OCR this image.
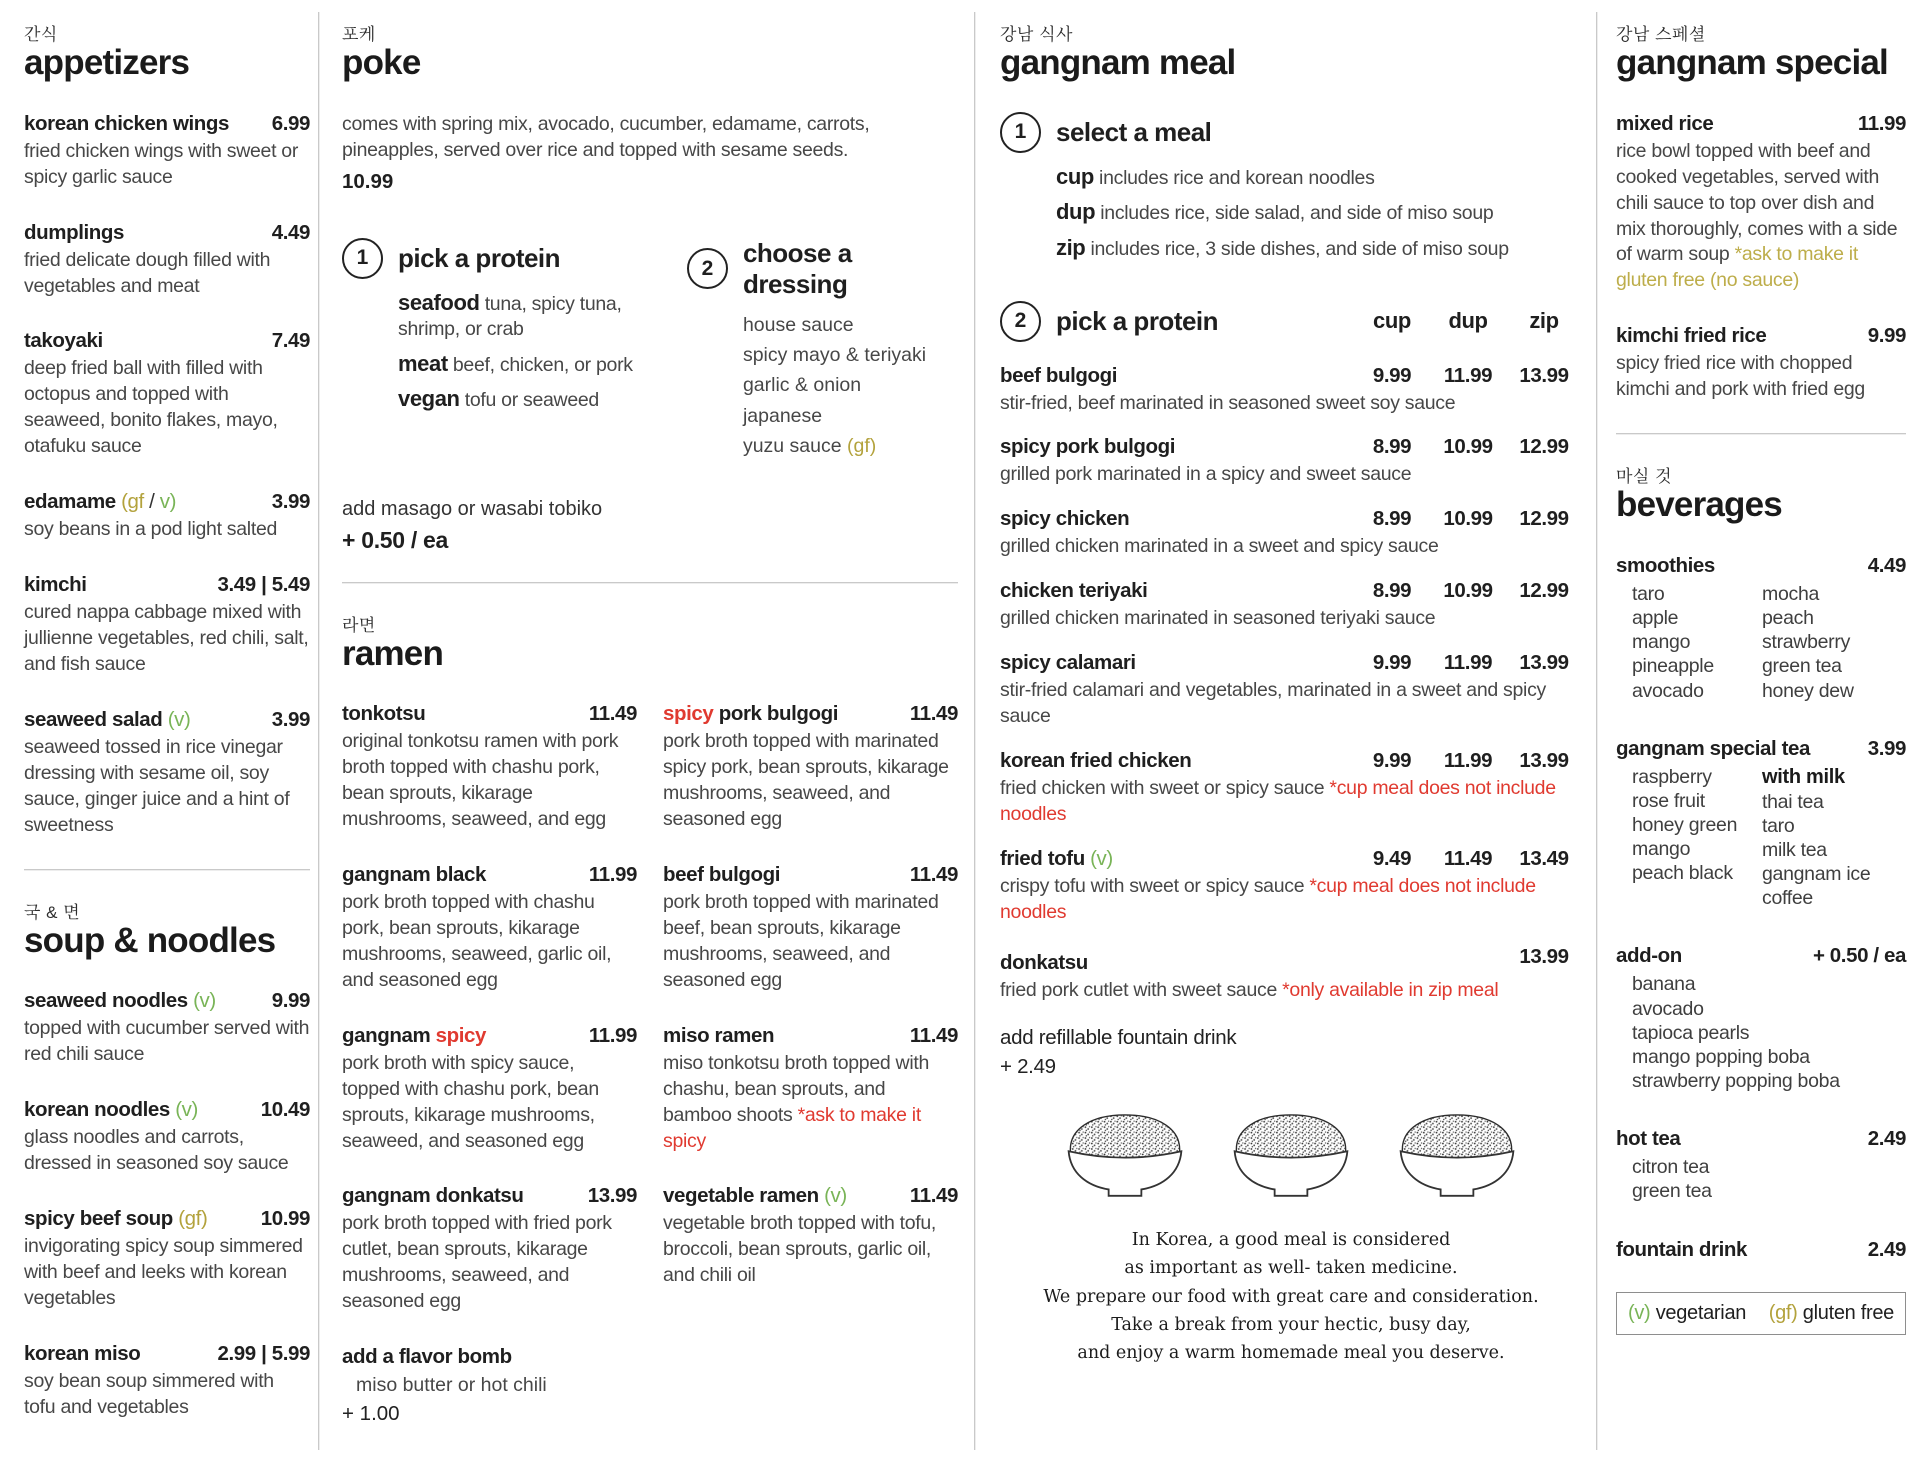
간식
appetizers
korean chicken wings	6.99
fried chicken wings with sweet or spicy garlic sauce
dumplings	4.49
fried delicate dough filled with vegetables and meat
takoyaki	7.49
deep fried ball with filled with octopus and topped with seaweed, bonito flakes, mayo, otafuku sauce
edamame (gf / v)	3.99
soy beans in a pod light salted
kimchi	3.49 | 5.49
cured nappa cabbage mixed with jullienne vegetables, red chili, salt, and fish sauce
seaweed salad (v)	3.99
seaweed tossed in rice vinegar dressing with sesame oil, soy sauce, ginger juice and a hint of sweetness
국 & 면
soup & noodles
seaweed noodles (v)	9.99
topped with cucumber served with red chili sauce
korean noodles (v)	10.49
glass noodles and carrots, dressed in seasoned soy sauce
spicy beef soup (gf)	10.99
invigorating spicy soup simmered with beef and leeks with korean vegetables
korean miso	2.99 | 5.99
soy bean soup simmered with tofu and vegetables
포케
poke
comes with spring mix, avocado, cucumber, edamame, carrots, pineapples, served over rice and topped with sesame seeds.
10.99
1	pick a protein
seafood tuna, spicy tuna, shrimp, or crab
meat beef, chicken, or pork
vegan tofu or seaweed
2
choose a dressing
house sauce
spicy mayo & teriyaki
garlic & onion
japanese
yuzu sauce (gf)
add masago or wasabi tobiko
+ 0.50 / ea
라면
ramen
tonkotsu	11.49
original tonkotsu ramen with pork broth topped with chashu pork, bean sprouts, kikarage mushrooms, seaweed, and egg
gangnam black	11.99
pork broth topped with chashu pork, bean sprouts, kikarage mushrooms, seaweed, garlic oil, and seasoned egg
gangnam spicy	11.99
pork broth with spicy sauce, topped with chashu pork, bean sprouts, kikarage mushrooms, seaweed, and seasoned egg
gangnam donkatsu	13.99
pork broth topped with fried pork cutlet, bean sprouts, kikarage mushrooms, seaweed, and seasoned egg
add a flavor bomb
miso butter or hot chili
+ 1.00
spicy pork bulgogi	11.49
pork broth topped with marinated spicy pork, bean sprouts, kikarage mushrooms, seaweed, and seasoned egg
beef bulgogi	11.49
pork broth topped with marinated beef, bean sprouts, kikarage mushrooms, seaweed, and seasoned egg
miso ramen	11.49
miso tonkotsu broth topped with chashu, bean sprouts, and bamboo shoots *ask to make it spicy
vegetable ramen (v)	11.49
vegetable broth topped with tofu, broccoli, bean sprouts, garlic oil, and chili oil
강남 식사
gangnam meal
1	select a meal
cup includes rice and korean noodles
dup includes rice, side salad, and side of miso soup
zip includes rice, 3 side dishes, and side of miso soup
2	pick a protein	cup	dup	zip
beef bulgogi	9.99	11.99	13.99
stir-fried, beef marinated in seasoned sweet soy sauce
spicy pork bulgogi	8.99	10.99	12.99
grilled pork marinated in a spicy and sweet sauce
spicy chicken	8.99	10.99	12.99
grilled chicken marinated in a sweet and spicy sauce
chicken teriyaki	8.99	10.99	12.99
grilled chicken marinated in seasoned teriyaki sauce
spicy calamari	9.99	11.99	13.99
stir-fried calamari and vegetables, marinated in a sweet and spicy sauce
korean fried chicken	9.99	11.99	13.99
fried chicken with sweet or spicy sauce *cup meal does not include noodles
fried tofu (v)	9.49	11.49	13.49
crispy tofu with sweet or spicy sauce *cup meal does not include noodles
donkatsu	13.99
fried pork cutlet with sweet sauce *only available in zip meal
add refillable fountain drink
+ 2.49
In Korea, a good meal is considered
as important as well- taken medicine.
We prepare our food with great care and consideration.
Take a break from your hectic, busy day,
and enjoy a warm homemade meal you deserve.
강남 스페셜
gangnam special
mixed rice	11.99
rice bowl topped with beef and cooked vegetables, served with chili sauce to top over dish and mix thoroughly, comes with a side of warm soup *ask to make it gluten free (no sauce)
kimchi fried rice	9.99
spicy fried rice with chopped kimchi and pork with fried egg
마실 것
beverages
smoothies	4.49
taro
apple
mango
pineapple
avocado
mocha
peach
strawberry
green tea
honey dew
gangnam special tea	3.99
raspberry
rose fruit
honey green
mango
peach black
with milk
thai tea
taro
milk tea
gangnam ice coffee
add-on	+ 0.50 / ea
banana
avocado
tapioca pearls
mango popping boba
strawberry popping boba
hot tea	2.49
citron tea
green tea
fountain drink	2.49
(v) vegetarian (gf) gluten free
